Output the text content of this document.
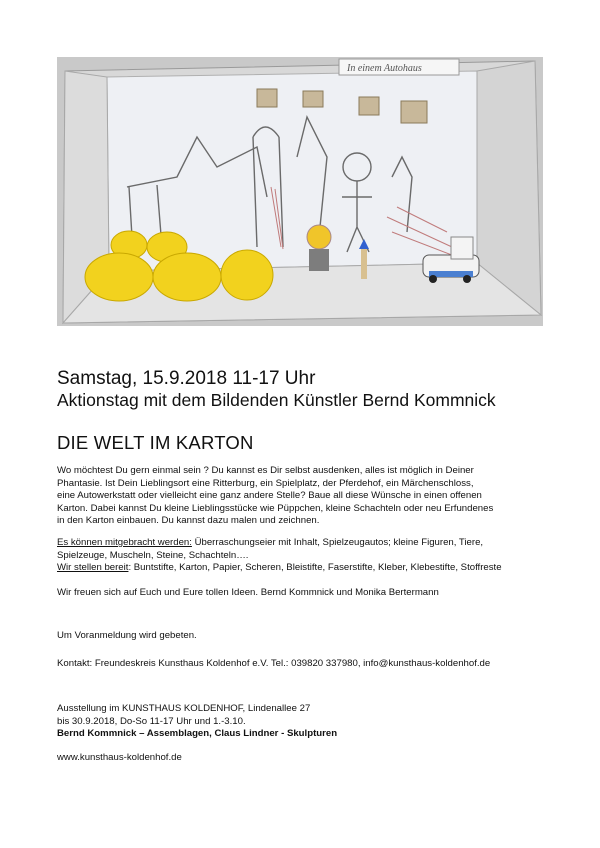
In einem Autohaus
Samstag, 15.9.2018 11-17 Uhr
Aktionstag mit dem Bildenden Künstler Bernd Kommnick
DIE WELT IM KARTON
Wo möchtest Du gern einmal sein ? Du kannst es Dir selbst ausdenken, alles ist möglich in Deiner
Phantasie. Ist Dein Lieblingsort eine Ritterburg, ein Spielplatz, der Pferdehof, ein Märchenschloss,
eine Autowerkstatt oder vielleicht eine ganz andere Stelle? Baue all diese Wünsche in einen offenen
Karton. Dabei kannst Du kleine Lieblingsstücke wie Püppchen, kleine Schachteln oder neu Erfundenes
in den Karton einbauen. Du kannst dazu malen und zeichnen.
Es können mitgebracht werden: Überraschungseier mit Inhalt, Spielzeugautos; kleine Figuren, Tiere,
Spielzeuge, Muscheln, Steine, Schachteln….
Wir stellen bereit: Buntstifte, Karton, Papier, Scheren, Bleistifte, Faserstifte, Kleber, Klebestifte, Stoffreste

Wir freuen sich auf Euch und Eure tollen Ideen. Bernd Kommnick und Monika Bertermann

Um Voranmeldung wird gebeten.

Kontakt: Freundeskreis Kunsthaus Koldenhof e.V. Tel.: 039820 337980, info@kunsthaus-koldenhof.de

Ausstellung im KUNSTHAUS KOLDENHOF, Lindenallee 27
bis 30.9.2018, Do-So 11-17 Uhr und 1.-3.10.
Bernd Kommnick – Assemblagen, Claus Lindner - Skulpturen

www.kunsthaus-koldenhof.de
